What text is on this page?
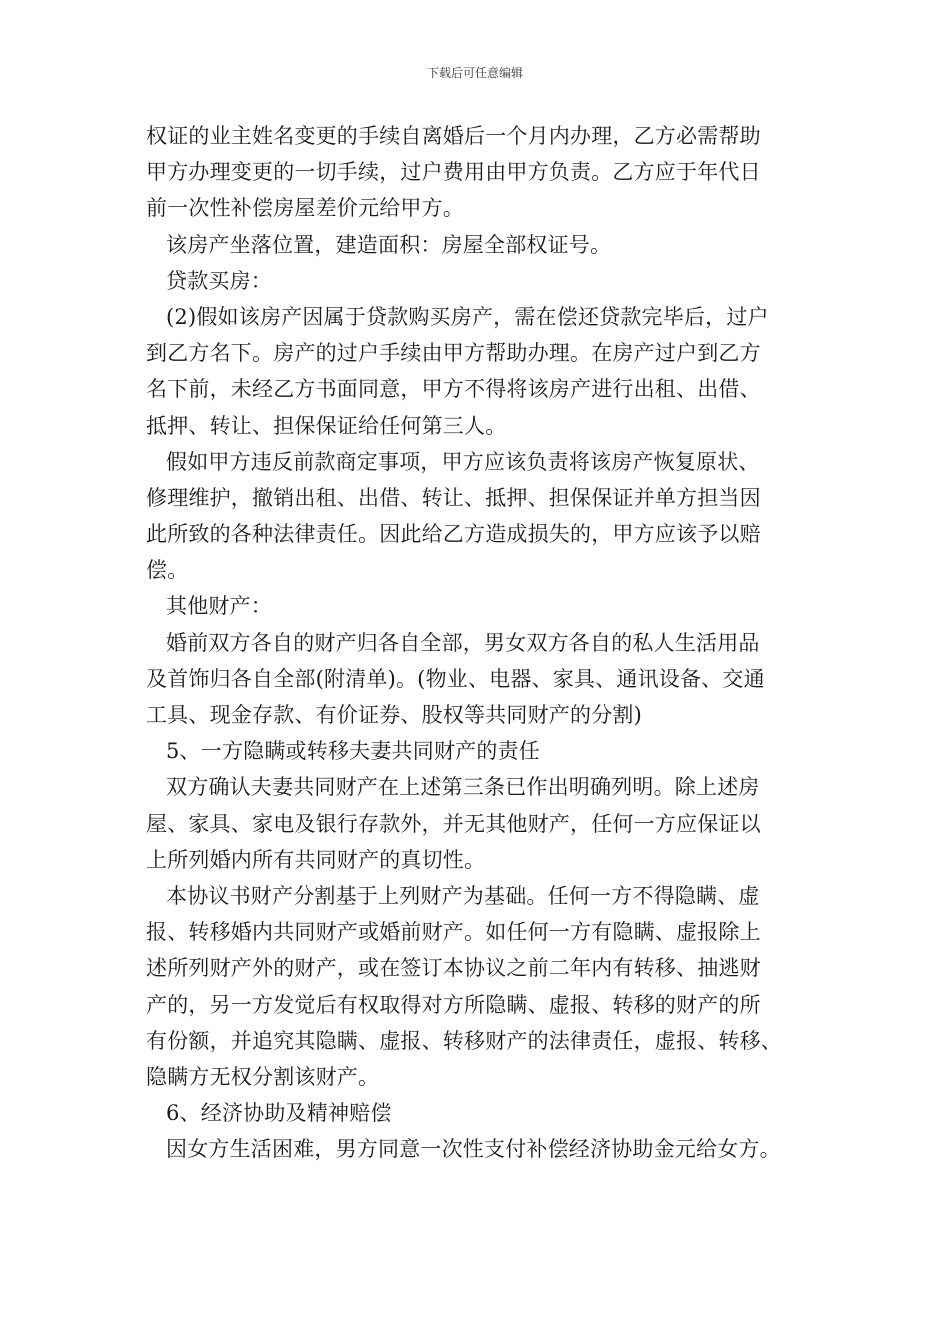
下载后可任意编辑
权证的业主姓名变更的手续自离婚后一个月内办理，乙方必需帮助
甲方办理变更的一切手续，过户费用由甲方负责。乙方应于年代日
前一次性补偿房屋差价元给甲方。
该房产坐落位置，建造面积：房屋全部权证号。
贷款买房：
(2)假如该房产因属于贷款购买房产，需在偿还贷款完毕后，过户
到乙方名下。房产的过户手续由甲方帮助办理。在房产过户到乙方
名下前，未经乙方书面同意，甲方不得将该房产进行出租、出借、
抵押、转让、担保保证给任何第三人。
假如甲方违反前款商定事项，甲方应该负责将该房产恢复原状、
修理维护，撤销出租、出借、转让、抵押、担保保证并单方担当因
此所致的各种法律责任。因此给乙方造成损失的，甲方应该予以赔
偿。
其他财产：
婚前双方各自的财产归各自全部，男女双方各自的私人生活用品
及首饰归各自全部(附清单)。(物业、电器、家具、通讯设备、交通
工具、现金存款、有价证券、股权等共同财产的分割)
5、一方隐瞒或转移夫妻共同财产的责任
双方确认夫妻共同财产在上述第三条已作出明确列明。除上述房
屋、家具、家电及银行存款外，并无其他财产，任何一方应保证以
上所列婚内所有共同财产的真切性。
本协议书财产分割基于上列财产为基础。任何一方不得隐瞒、虚
报、转移婚内共同财产或婚前财产。如任何一方有隐瞒、虚报除上
述所列财产外的财产，或在签订本协议之前二年内有转移、抽逃财
产的，另一方发觉后有权取得对方所隐瞒、虚报、转移的财产的所
有份额，并追究其隐瞒、虚报、转移财产的法律责任，虚报、转移、
隐瞒方无权分割该财产。
6、经济协助及精神赔偿
因女方生活困难，男方同意一次性支付补偿经济协助金元给女方。
